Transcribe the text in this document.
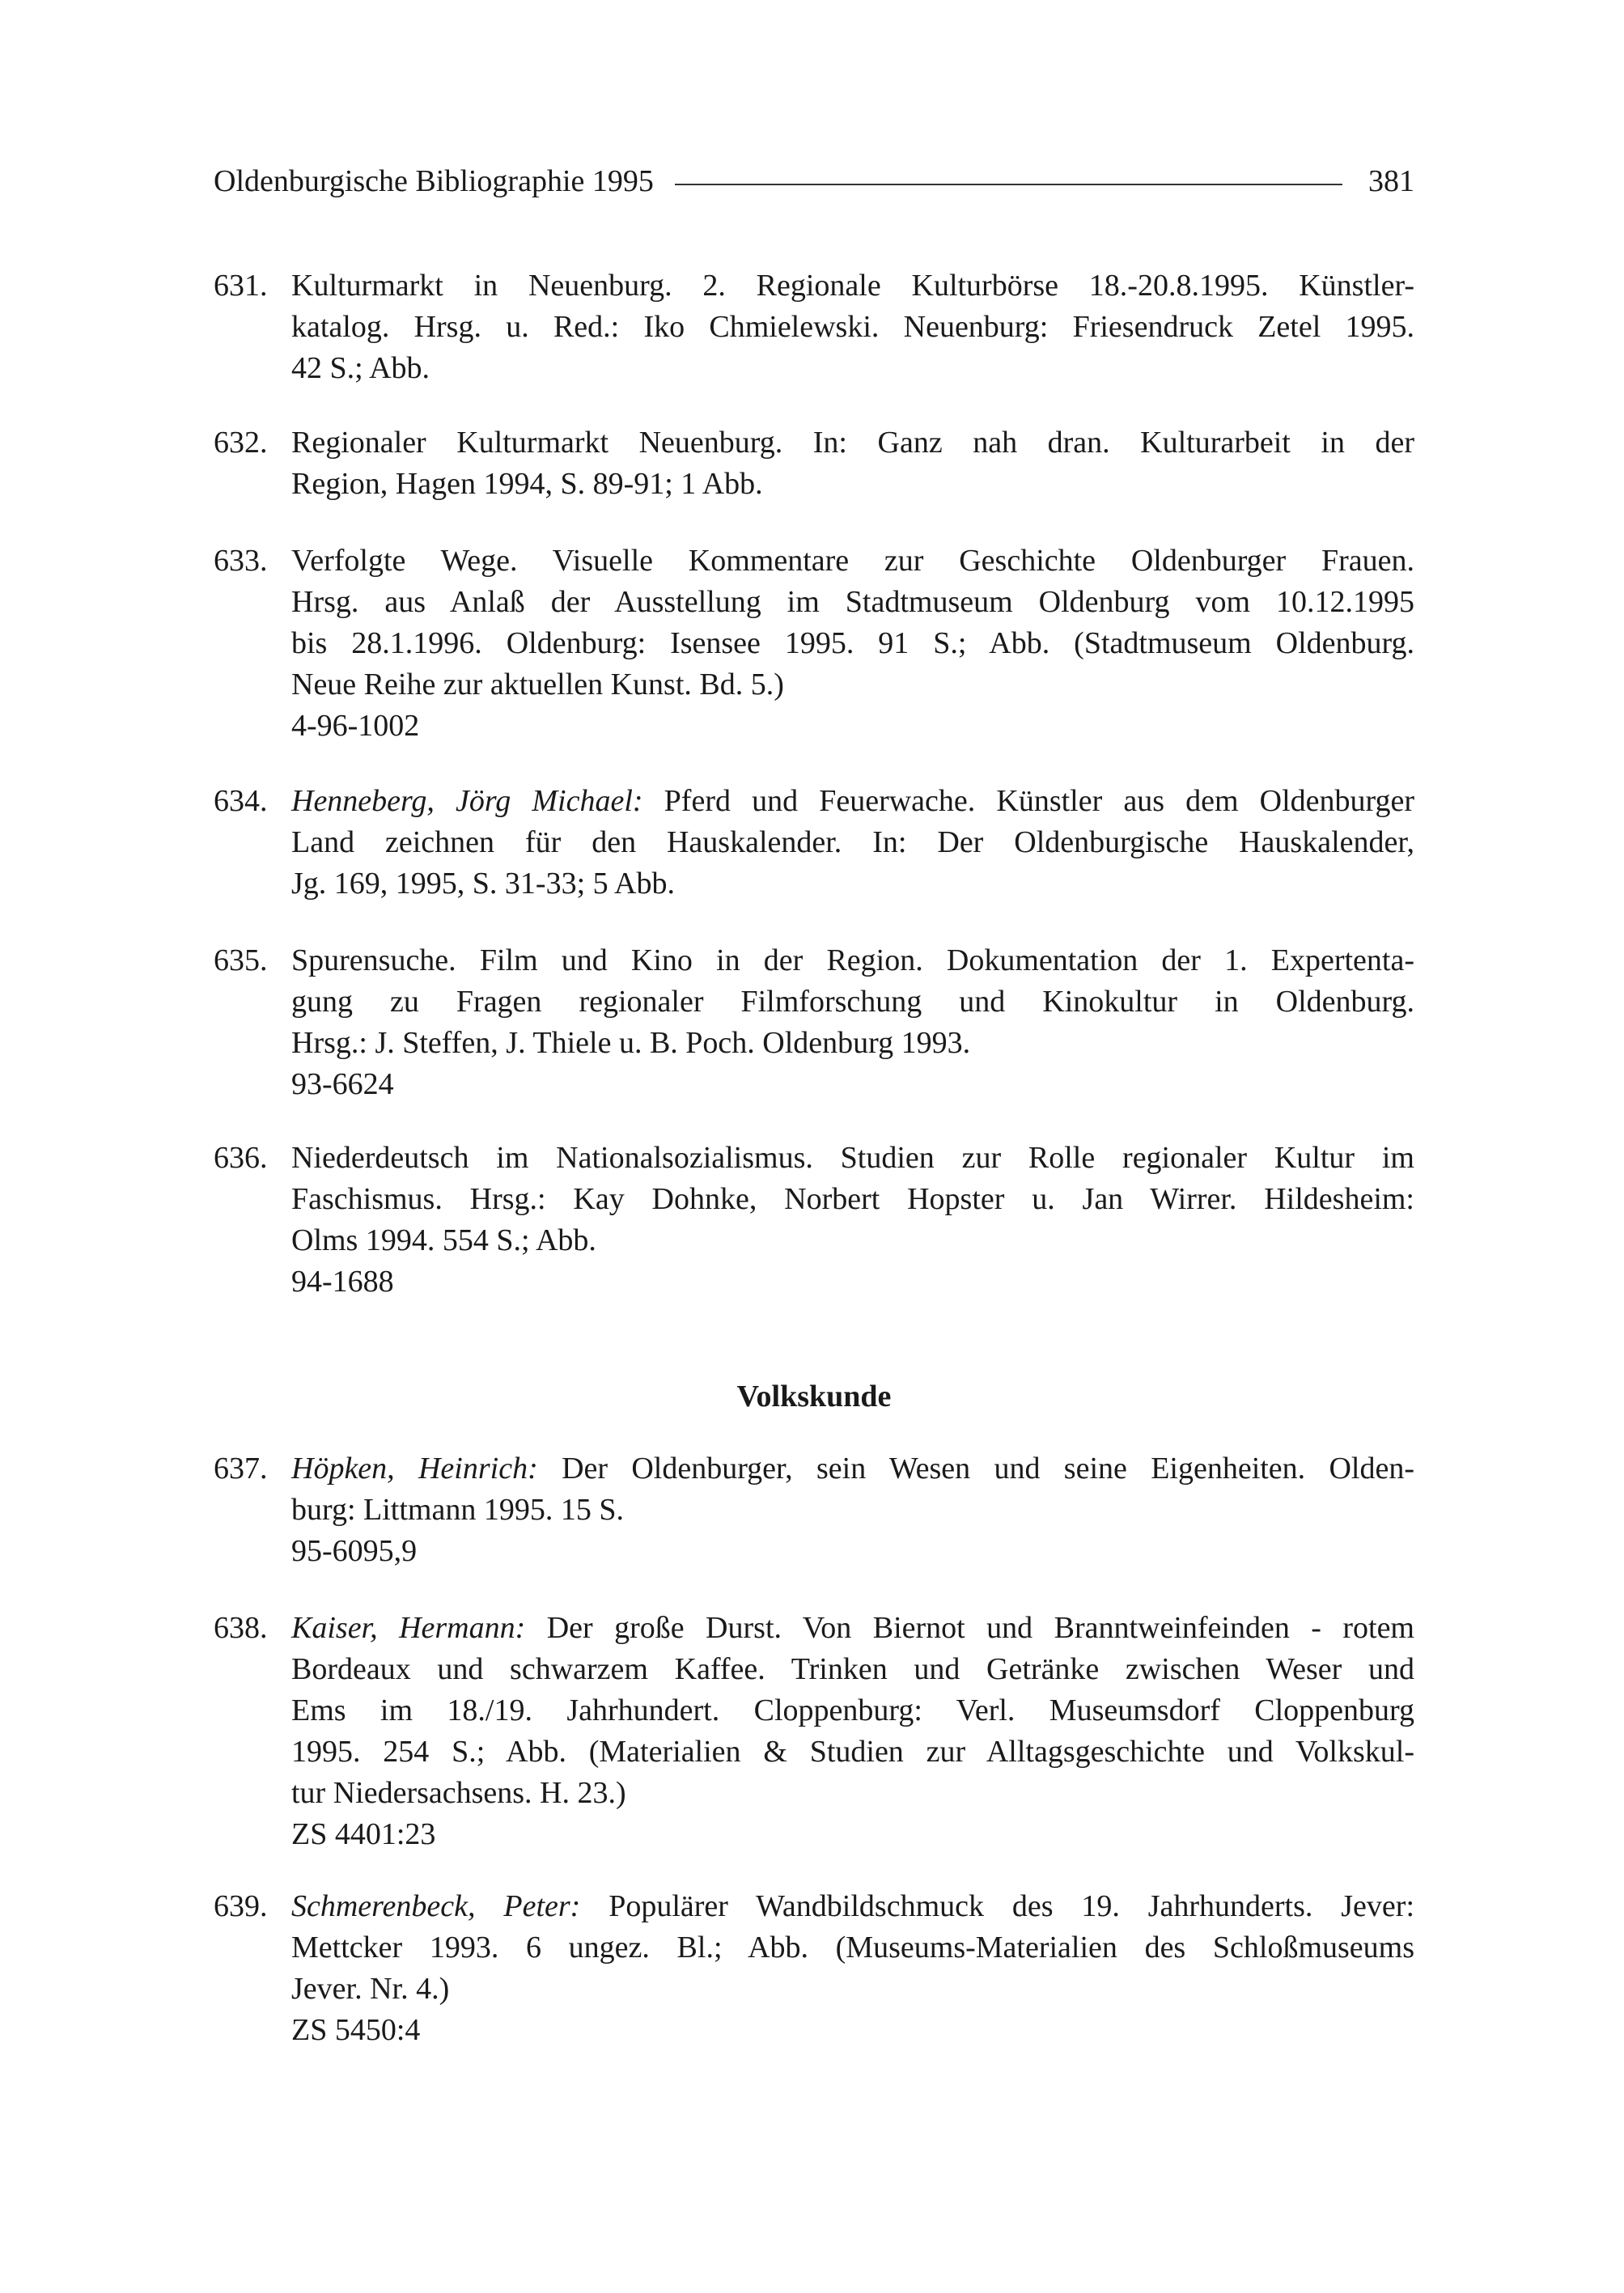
Oldenburgische Bibliographie 1995	381
631. Kulturmarkt in Neuenburg. 2. Regionale Kulturbörse 18.-20.8.1995. Künstler-
katalog. Hrsg. u. Red.: Iko Chmielewski. Neuenburg: Friesendruck Zetel 1995.
42 S.; Abb.
632. Regionaler Kulturmarkt Neuenburg. In: Ganz nah dran. Kulturarbeit in der
Region, Hagen 1994, S. 89-91; 1 Abb.
633. Verfolgte Wege. Visuelle Kommentare zur Geschichte Oldenburger Frauen.
Hrsg. aus Anlaß der Ausstellung im Stadtmuseum Oldenburg vom 10.12.1995
bis 28.1.1996. Oldenburg: Isensee 1995. 91 S.; Abb. (Stadtmuseum Oldenburg.
Neue Reihe zur aktuellen Kunst. Bd. 5.)
4-96-1002
634. Henneberg, Jörg Michael: Pferd und Feuerwache. Künstler aus dem Oldenburger
Land zeichnen für den Hauskalender. In: Der Oldenburgische Hauskalender,
Jg. 169, 1995, S. 31-33; 5 Abb.
635. Spurensuche. Film und Kino in der Region. Dokumentation der 1. Expertenta-
gung zu Fragen regionaler Filmforschung und Kinokultur in Oldenburg.
Hrsg.: J. Steffen, J. Thiele u. B. Poch. Oldenburg 1993.
93-6624
636. Niederdeutsch im Nationalsozialismus. Studien zur Rolle regionaler Kultur im
Faschismus. Hrsg.: Kay Dohnke, Norbert Hopster u. Jan Wirrer. Hildesheim:
Olms 1994. 554 S.; Abb.
94-1688
Volkskunde
637. Höpken, Heinrich: Der Oldenburger, sein Wesen und seine Eigenheiten. Olden-
burg: Littmann 1995. 15 S.
95-6095,9
638. Kaiser, Hermann: Der große Durst. Von Biernot und Branntweinfeinden - rotem
Bordeaux und schwarzem Kaffee. Trinken und Getränke zwischen Weser und
Ems im 18./19. Jahrhundert. Cloppenburg: Verl. Museumsdorf Cloppenburg
1995. 254 S.; Abb. (Materialien & Studien zur Alltagsgeschichte und Volkskul-
tur Niedersachsens. H. 23.)
ZS 4401:23
639. Schmerenbeck, Peter: Populärer Wandbildschmuck des 19. Jahrhunderts. Jever:
Mettcker 1993. 6 ungez. Bl.; Abb. (Museums-Materialien des Schloßmuseums
Jever. Nr. 4.)
ZS 5450:4
